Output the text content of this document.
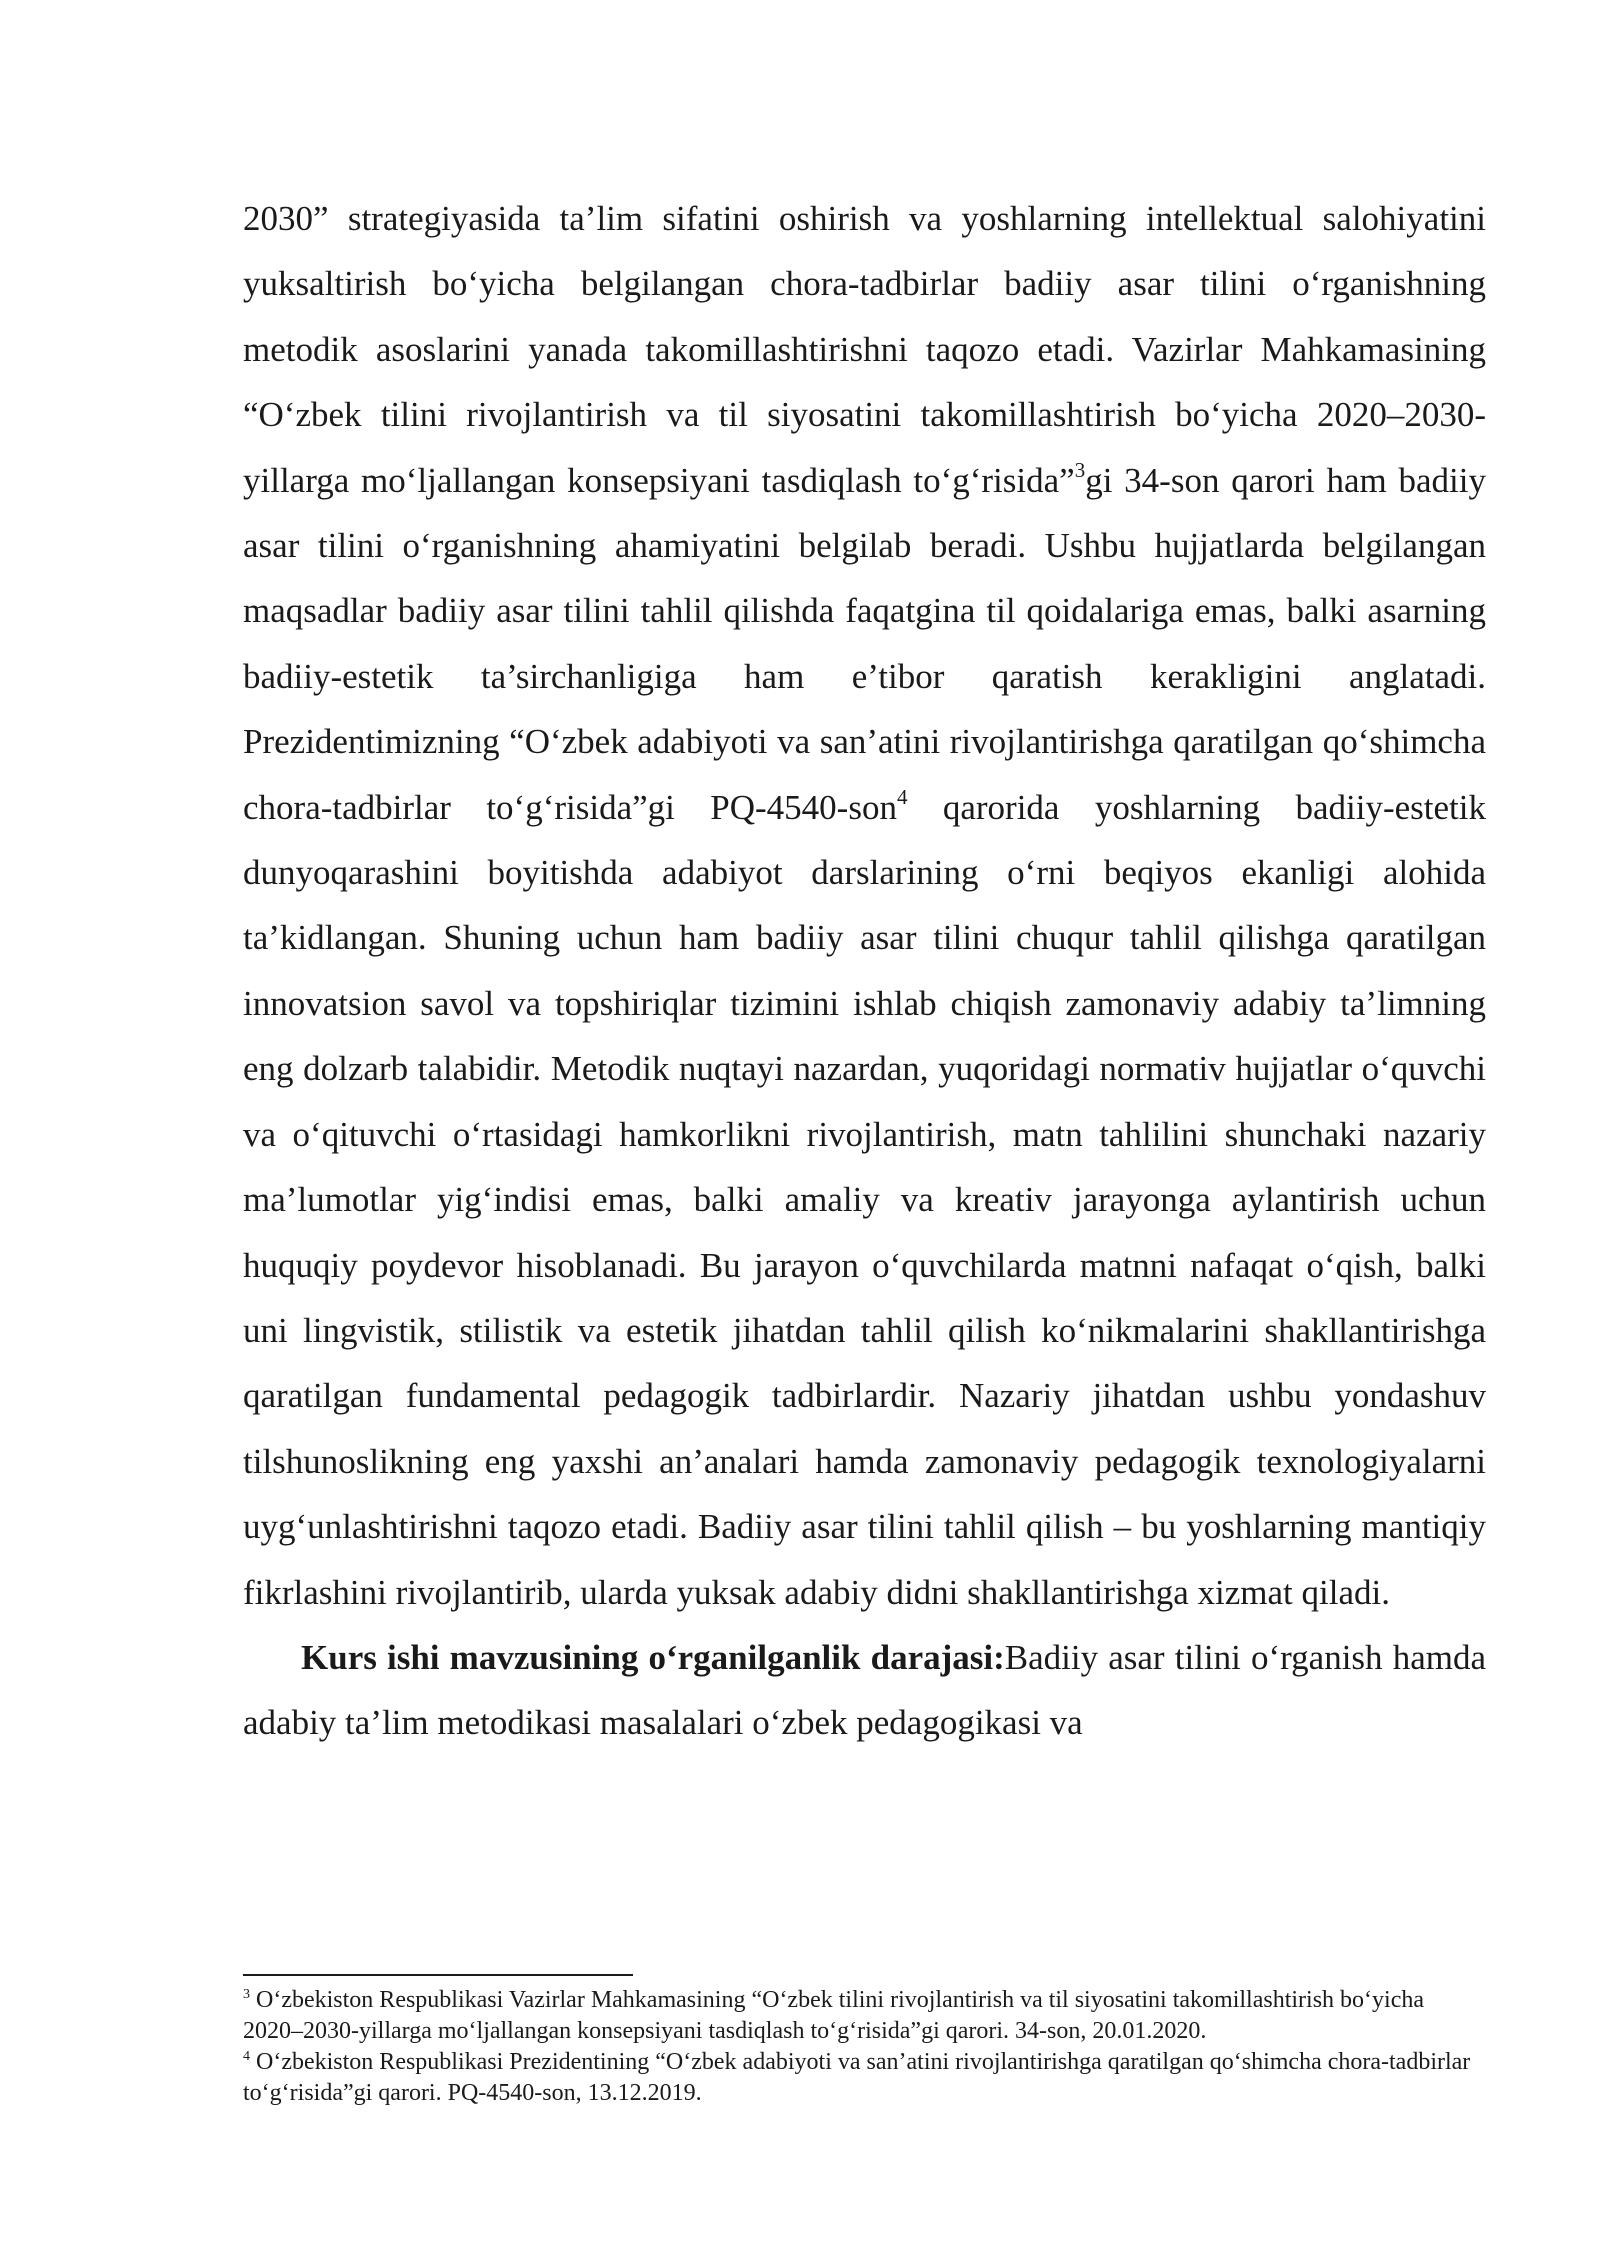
2030” strategiyasida ta’lim sifatini oshirish va yoshlarning intellektual salohiyatini yuksaltirish bo‘yicha belgilangan chora-tadbirlar badiiy asar tilini o‘rganishning metodik asoslarini yanada takomillashtirishni taqozo etadi. Vazirlar Mahkamasining “O‘zbek tilini rivojlantirish va til siyosatini takomillashtirish bo‘yicha 2020–2030-yillarga mo‘ljallangan konsepsiyani tasdiqlash to‘g‘risida”$^3$gi 34-son qarori ham badiiy asar tilini o‘rganishning ahamiyatini belgilab beradi. Ushbu hujjatlarda belgilangan maqsadlar badiiy asar tilini tahlil qilishda faqatgina til qoidalariga emas, balki asarning badiiy-estetik ta’sirchanligiga ham e’tibor qaratish kerakligini anglatadi. Prezidentimizning “O‘zbek adabiyoti va san’atini rivojlantirishga qaratilgan qo‘shimcha chora-tadbirlar to‘g‘risida”gi PQ-4540-son$^4$ qarorida yoshlarning badiiy-estetik dunyoqarashini boyitishda adabiyot darslarining o‘rni beqiyos ekanligi alohida ta’kidlangan. Shuning uchun ham badiiy asar tilini chuqur tahlil qilishga qaratilgan innovatsion savol va topshiriqlar tizimini ishlab chiqish zamonaviy adabiy ta’limning eng dolzarb talabidir. Metodik nuqtayi nazardan, yuqoridagi normativ hujjatlar o‘quvchi va o‘qituvchi o‘rtasidagi hamkorlikni rivojlantirish, matn tahlilini shunchaki nazariy ma’lumotlar yig‘indisi emas, balki amaliy va kreativ jarayonga aylantirish uchun huquqiy poydevor hisoblanadi. Bu jarayon o‘quvchilarda matnni nafaqat o‘qish, balki uni lingvistik, stilistik va estetik jihatdan tahlil qilish ko‘nikmalarini shakllantirishga qaratilgan fundamental pedagogik tadbirlardir. Nazariy jihatdan ushbu yondashuv tilshunoslikning eng yaxshi an’analari hamda zamonaviy pedagogik texnologiyalarni uyg‘unlashtirishni taqozo etadi. Badiiy asar tilini tahlil qilish – bu yoshlarning mantiqiy fikrlashini rivojlantirib, ularda yuksak adabiy didni shakllantirishga xizmat qiladi.

Kurs ishi mavzusining o‘rganilganlik darajasi:Badiiy asar tilini o‘rganish hamda adabiy ta’lim metodikasi masalalari o‘zbek pedagogikasi va

$^3$ O‘zbekiston Respublikasi Vazirlar Mahkamasining “O‘zbek tilini rivojlantirish va til siyosatini takomillashtirish bo‘yicha 2020–2030-yillarga mo‘ljallangan konsepsiyani tasdiqlash to‘g‘risida”gi qarori. 34-son, 20.01.2020.

$^4$ O‘zbekiston Respublikasi Prezidentining “O‘zbek adabiyoti va san’atini rivojlantirishga qaratilgan qo‘shimcha chora-tadbirlar to‘g‘risida”gi qarori. PQ-4540-son, 13.12.2019.
